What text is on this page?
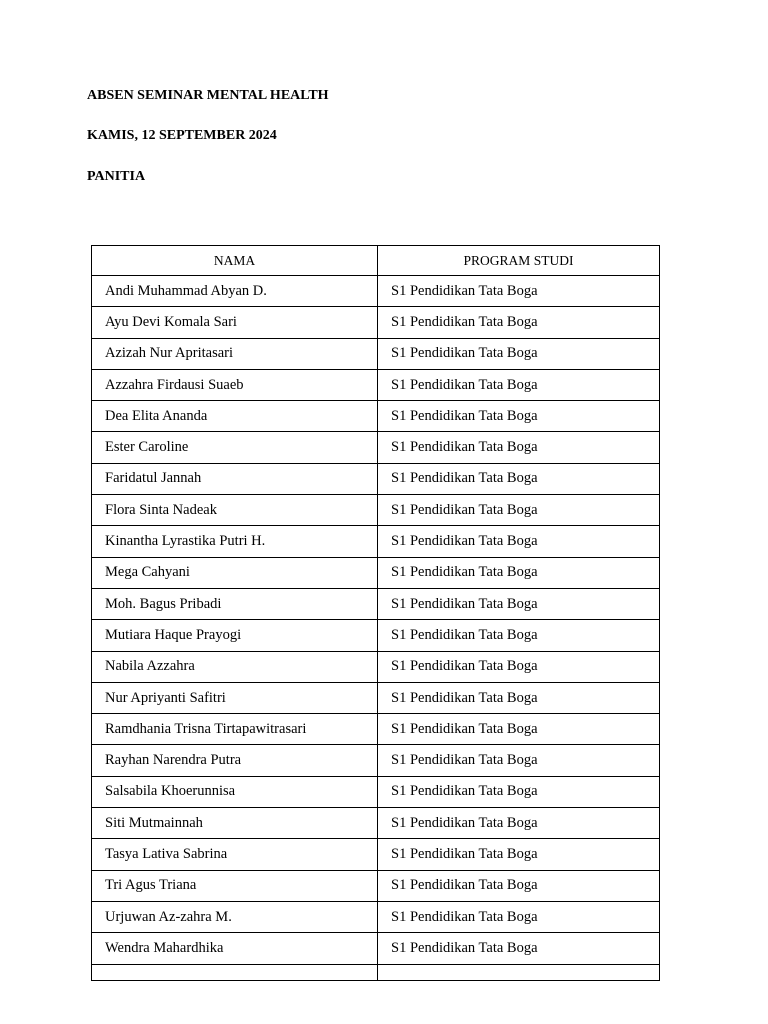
ABSEN SEMINAR MENTAL HEALTH

KAMIS, 12 SEPTEMBER 2024

PANITIA

NAMA	PROGRAM STUDI
Andi Muhammad Abyan D.	S1 Pendidikan Tata Boga
Ayu Devi Komala Sari	S1 Pendidikan Tata Boga
Azizah Nur Apritasari	S1 Pendidikan Tata Boga
Azzahra Firdausi Suaeb	S1 Pendidikan Tata Boga
Dea Elita Ananda	S1 Pendidikan Tata Boga
Ester Caroline	S1 Pendidikan Tata Boga
Faridatul Jannah	S1 Pendidikan Tata Boga
Flora Sinta Nadeak	S1 Pendidikan Tata Boga
Kinantha Lyrastika Putri H.	S1 Pendidikan Tata Boga
Mega Cahyani	S1 Pendidikan Tata Boga
Moh. Bagus Pribadi	S1 Pendidikan Tata Boga
Mutiara Haque Prayogi	S1 Pendidikan Tata Boga
Nabila Azzahra	S1 Pendidikan Tata Boga
Nur Apriyanti Safitri	S1 Pendidikan Tata Boga
Ramdhania Trisna Tirtapawitrasari	S1 Pendidikan Tata Boga
Rayhan Narendra Putra	S1 Pendidikan Tata Boga
Salsabila Khoerunnisa	S1 Pendidikan Tata Boga
Siti Mutmainnah	S1 Pendidikan Tata Boga
Tasya Lativa Sabrina	S1 Pendidikan Tata Boga
Tri Agus Triana	S1 Pendidikan Tata Boga
Urjuwan Az-zahra M.	S1 Pendidikan Tata Boga
Wendra Mahardhika	S1 Pendidikan Tata Boga
